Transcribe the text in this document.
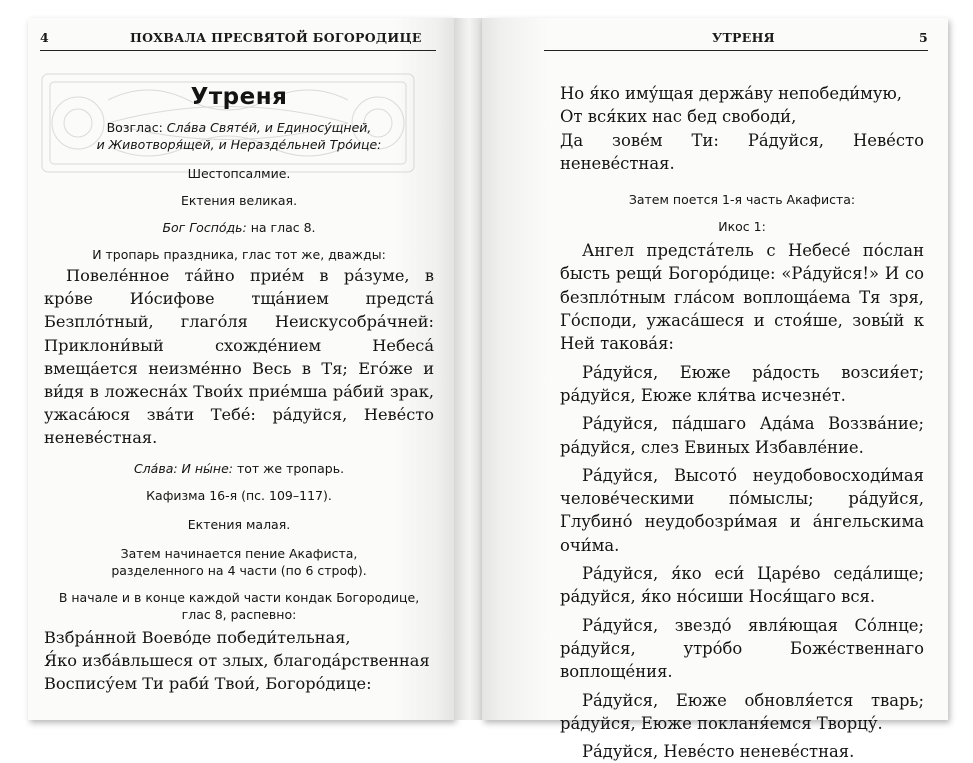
4	ПОХВАЛА ПРЕСВЯТОЙ БОГОРОДИЦЕ
Утреня
Возглас: Сла́ва Святе́й, и Единосу́щней,
и Животворя́щей, и Неразде́льней Тро́ице:
Шестопсалмие.
Ектения великая.
Бог Госпо́дь: на глас 8.
И тропарь праздника, глас тот же, дважды:
Повеле́нное та́йно прие́м в ра́зуме, в кро́ве Ио́сифове тща́нием предста́ Безпло́тный, глаго́ля Неискусобра́чней: Приклони́вый схожде́нием Небеса́ вмеща́ется неизме́нно Весь в Тя; Его́же и ви́дя в ложесна́х Твои́х прие́мша ра́бий зрак, ужаса́юся зва́ти Тебе́: ра́дуйся, Неве́сто неневе́стная.
Сла́ва: И ны́не: тот же тропарь.
Кафизма 16-я (пс. 109–117).
Ектения малая.
Затем начинается пение Акафиста,
разделенного на 4 части (по 6 строф).
В начале и в конце каждой части кондак Богородице,
глас 8, распевно:
Взбра́нной Воево́де победи́тельная,
Я́ко изба́вльшеся от злых, благода́рственная
Воспису́ем Ти раби́ Твои́, Богоро́дице:
УТРЕНЯ	5
Но я́ко иму́щая держа́ву непобеди́мую,
От вся́ких нас бед свободи́,
Да зове́м Ти: Ра́дуйся, Неве́сто неневе́стная.
Затем поется 1-я часть Акафиста:
Икос 1:
Ангел предста́тель с Небесе́ по́слан бысть рещи́ Богоро́дице: «Ра́дуйся!» И со безпло́тным гла́сом воплоща́ема Тя зря, Го́споди, ужаса́шеся и стоя́ше, зовы́й к Ней такова́я:
Ра́дуйся, Еюже ра́дость возсия́ет; ра́дуйся, Еюже кля́тва исчезне́т.
Ра́дуйся, па́дшаго Ада́ма Воззва́ние; ра́дуйся, слез Евиных Избавле́ние.
Ра́дуйся, Высото́ неудобовосходи́мая челове́ческими по́мыслы; ра́дуйся, Глубино́ неудобозри́мая и а́нгельскима очи́ма.
Ра́дуйся, я́ко еси́ Царе́во седа́лище; ра́дуйся, я́ко но́сиши Нося́щаго вся.
Ра́дуйся, звездо́ явля́ющая Со́лнце; ра́дуйся, утро́бо Боже́ственнаго воплоще́ния.
Ра́дуйся, Еюже обновля́ется тварь; ра́дуйся, Еюже покланя́емся Творцу́.
Ра́дуйся, Неве́сто неневе́стная.
